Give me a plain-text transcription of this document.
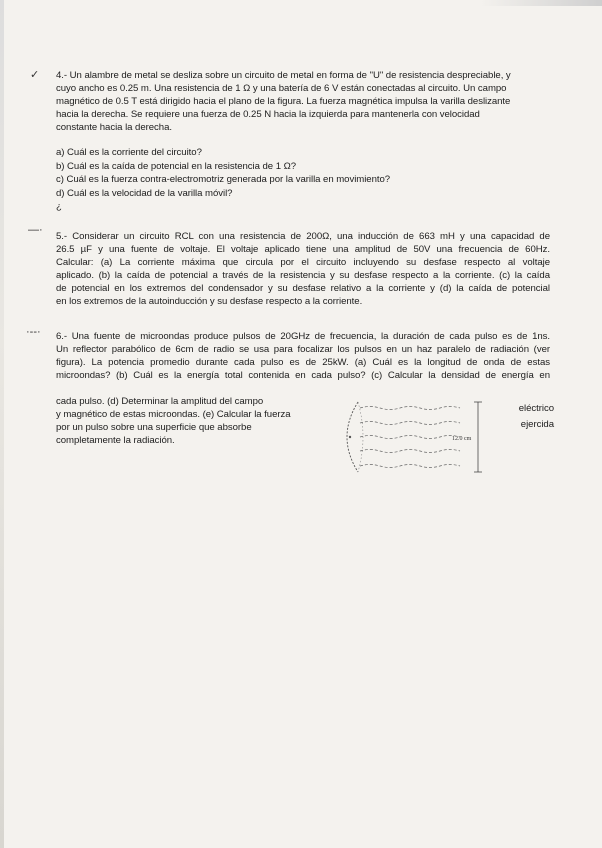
✓ 4.- Un alambre de metal se desliza sobre un circuito de metal en forma de "U" de resistencia despreciable, y
cuyo ancho es 0.25 m. Una resistencia de 1 Ω y una batería de 6 V están conectadas al circuito. Un campo
magnético de 0.5 T está dirigido hacia el plano de la figura. La fuerza magnética impulsa la varilla deslizante
hacia la derecha. Se requiere una fuerza de 0.25 N hacia la izquierda para mantenerla con velocidad
constante hacia la derecha.
a) Cuál es la corriente del circuito?
b) Cuál es la caída de potencial en la resistencia de 1 Ω?
c) Cuál es la fuerza contra-electromotriz generada por la varilla en movimiento?
d) Cuál es la velocidad de la varilla móvil?
¿
—·
5.- Considerar un circuito RCL con una resistencia de 200Ω, una inducción de 663 mH y una capacidad de
26.5 µF y una fuente de voltaje. El voltaje aplicado tiene una amplitud de 50V una frecuencia de 60Hz.
Calcular: (a) La corriente máxima que circula por el circuito incluyendo su desfase respecto al voltaje
aplicado. (b) la caída de potencial a través de la resistencia y su desfase respecto a la corriente. (c) la caída
de potencial en los extremos del condensador y su desfase relativo a la corriente y (d) la caída de potencial
en los extremos de la autoinducción y su desfase respecto a la corriente.
·--· 6.- Una fuente de microondas produce pulsos de 20GHz de frecuencia, la duración de cada pulso es de 1ns.
Un reflector parabólico de 6cm de radio se usa para focalizar los pulsos en un haz paralelo de radiación (ver
figura). La potencia promedio durante cada pulso es de 25kW. (a) Cuál es la longitud de onda de estas
microondas? (b) Cuál es la energía total contenida en cada pulso? (c) Calcular la densidad de energía en
cada pulso. (d) Determinar la amplitud del campo
y magnético de estas microondas. (e) Calcular la fuerza
por un pulso sobre una superficie que absorbe
completamente la radiación.
eléctrico
ejercida
12.0 cm
